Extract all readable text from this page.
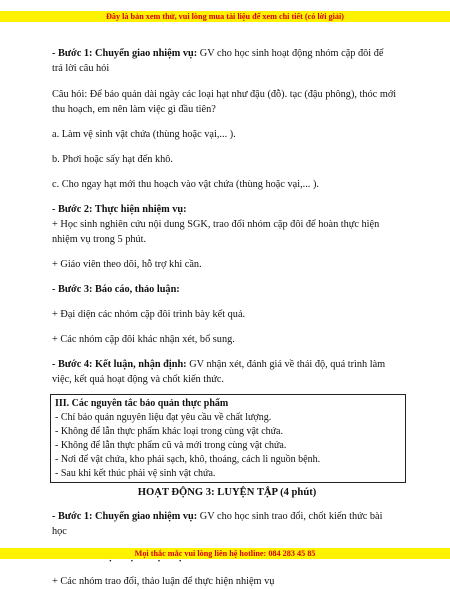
Đây là bản xem thử, vui lòng mua tài liệu để xem chi tiết (có lời giải)

- Bước 1: Chuyển giao nhiệm vụ: GV cho học sinh hoạt động nhóm cặp đôi để
trả lời câu hỏi

Câu hỏi: Để bảo quản dài ngày các loại hạt như đậu (đỗ). tạc (đậu phông), thóc mới
thu hoạch, em nên làm việc gì đầu tiên?

a. Làm vệ sinh vật chứa (thùng hoặc vại,... ).

b. Phơi hoặc sấy hạt đến khô.

c. Cho ngay hạt mới thu hoạch vào vật chứa (thùng hoặc vại,... ).

- Bước 2: Thực hiện nhiệm vụ:

+ Học sinh nghiên cứu nội dung SGK, trao đổi nhóm cặp đôi để hoàn thực hiện
nhiệm vụ trong 5 phút.

+ Giáo viên theo dõi, hỗ trợ khi cần.

- Bước 3: Báo cáo, thảo luận:

+ Đại diện các nhóm cặp đôi trình bày kết quả.

+ Các nhóm cặp đôi khác nhận xét, bổ sung.

- Bước 4: Kết luận, nhận định: GV nhận xét, đánh giá về thái độ, quá trình làm
việc, kết quả hoạt động và chốt kiến thức.

III. Các nguyên tắc bảo quản thực phẩm
- Chỉ bảo quản nguyên liệu đạt yêu cầu về chất lượng.
- Không để lẫn thực phẩm khác loại trong cùng vật chứa.
- Không để lẫn thực phẩm cũ và mới trong cùng vật chứa.
- Nơi để vật chứa, kho phải sạch, khô, thoáng, cách li nguồn bệnh.
- Sau khi kết thúc phải vệ sinh vật chứa.
HOẠT ĐỘNG 3: LUYỆN TẬP (4 phút)

- Bước 1: Chuyển giao nhiệm vụ: GV cho học sinh trao đổi, chốt kiến thức bài
học

+ Các nhóm trao đổi, thảo luận để thực hiện nhiệm vụ

Mọi thắc mắc vui lòng liên hệ hotline: 084 283 45 85
